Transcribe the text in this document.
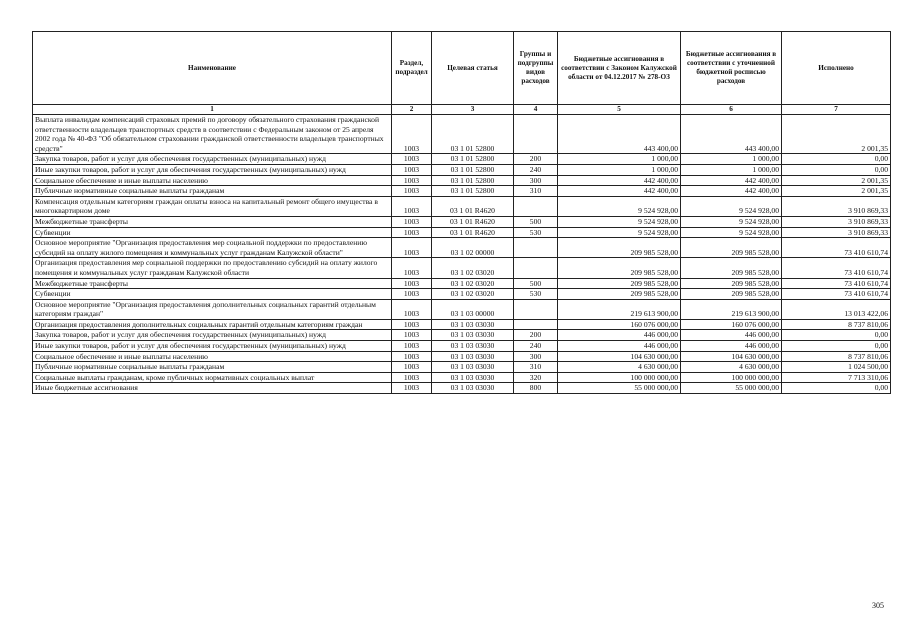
Наименование	Раздел, подраздел	Целевая статья	Группы и подгруппы видов расходов	Бюджетные ассигнования в соответствии с Законом Калужской области от 04.12.2017 № 278-ОЗ	Бюджетные ассигнования в соответствии с уточненной бюджетной росписью расходов	Исполнено
1	2	3	4	5	6	7
Выплата инвалидам компенсаций страховых премий по договору обязательного страхования гражданской ответственности владельцев транспортных средств в соответствии с Федеральным законом от 25 апреля 2002 года № 40-ФЗ "Об обязательном страховании гражданской ответственности владельцев транспортных средств"	1003	03 1 01 52800		443 400,00	443 400,00	2 001,35
Закупка товаров, работ и услуг для обеспечения государственных (муниципальных) нужд	1003	03 1 01 52800	200	1 000,00	1 000,00	0,00
Иные закупки товаров, работ и услуг для обеспечения государственных (муниципальных) нужд	1003	03 1 01 52800	240	1 000,00	1 000,00	0,00
Социальное обеспечение и иные выплаты населению	1003	03 1 01 52800	300	442 400,00	442 400,00	2 001,35
Публичные нормативные социальные выплаты гражданам	1003	03 1 01 52800	310	442 400,00	442 400,00	2 001,35
Компенсация отдельным категориям граждан оплаты взноса на капитальный ремонт общего имущества в многоквартирном доме	1003	03 1 01 R4620		9 524 928,00	9 524 928,00	3 910 869,33
Межбюджетные трансферты	1003	03 1 01 R4620	500	9 524 928,00	9 524 928,00	3 910 869,33
Субвенции	1003	03 1 01 R4620	530	9 524 928,00	9 524 928,00	3 910 869,33
Основное мероприятие "Организация предоставления мер социальной поддержки по предоставлению субсидий на оплату жилого помещения и коммунальных услуг гражданам Калужской области"	1003	03 1 02 00000		209 985 528,00	209 985 528,00	73 410 610,74
Организация предоставления мер социальной поддержки по предоставлению субсидий на оплату жилого помещения и коммунальных услуг гражданам Калужской области	1003	03 1 02 03020		209 985 528,00	209 985 528,00	73 410 610,74
Межбюджетные трансферты	1003	03 1 02 03020	500	209 985 528,00	209 985 528,00	73 410 610,74
Субвенции	1003	03 1 02 03020	530	209 985 528,00	209 985 528,00	73 410 610,74
Основное мероприятие "Организация предоставления дополнительных социальных гарантий отдельным категориям граждан"	1003	03 1 03 00000		219 613 900,00	219 613 900,00	13 013 422,06
Организация предоставления дополнительных социальных гарантий отдельным категориям граждан	1003	03 1 03 03030		160 076 000,00	160 076 000,00	8 737 810,06
Закупка товаров, работ и услуг для обеспечения государственных (муниципальных) нужд	1003	03 1 03 03030	200	446 000,00	446 000,00	0,00
Иные закупки товаров, работ и услуг для обеспечения государственных (муниципальных) нужд	1003	03 1 03 03030	240	446 000,00	446 000,00	0,00
Социальное обеспечение и иные выплаты населению	1003	03 1 03 03030	300	104 630 000,00	104 630 000,00	8 737 810,06
Публичные нормативные социальные выплаты гражданам	1003	03 1 03 03030	310	4 630 000,00	4 630 000,00	1 024 500,00
Социальные выплаты гражданам, кроме публичных нормативных социальных выплат	1003	03 1 03 03030	320	100 000 000,00	100 000 000,00	7 713 310,06
Иные бюджетные ассигнования	1003	03 1 03 03030	800	55 000 000,00	55 000 000,00	0,00
305
